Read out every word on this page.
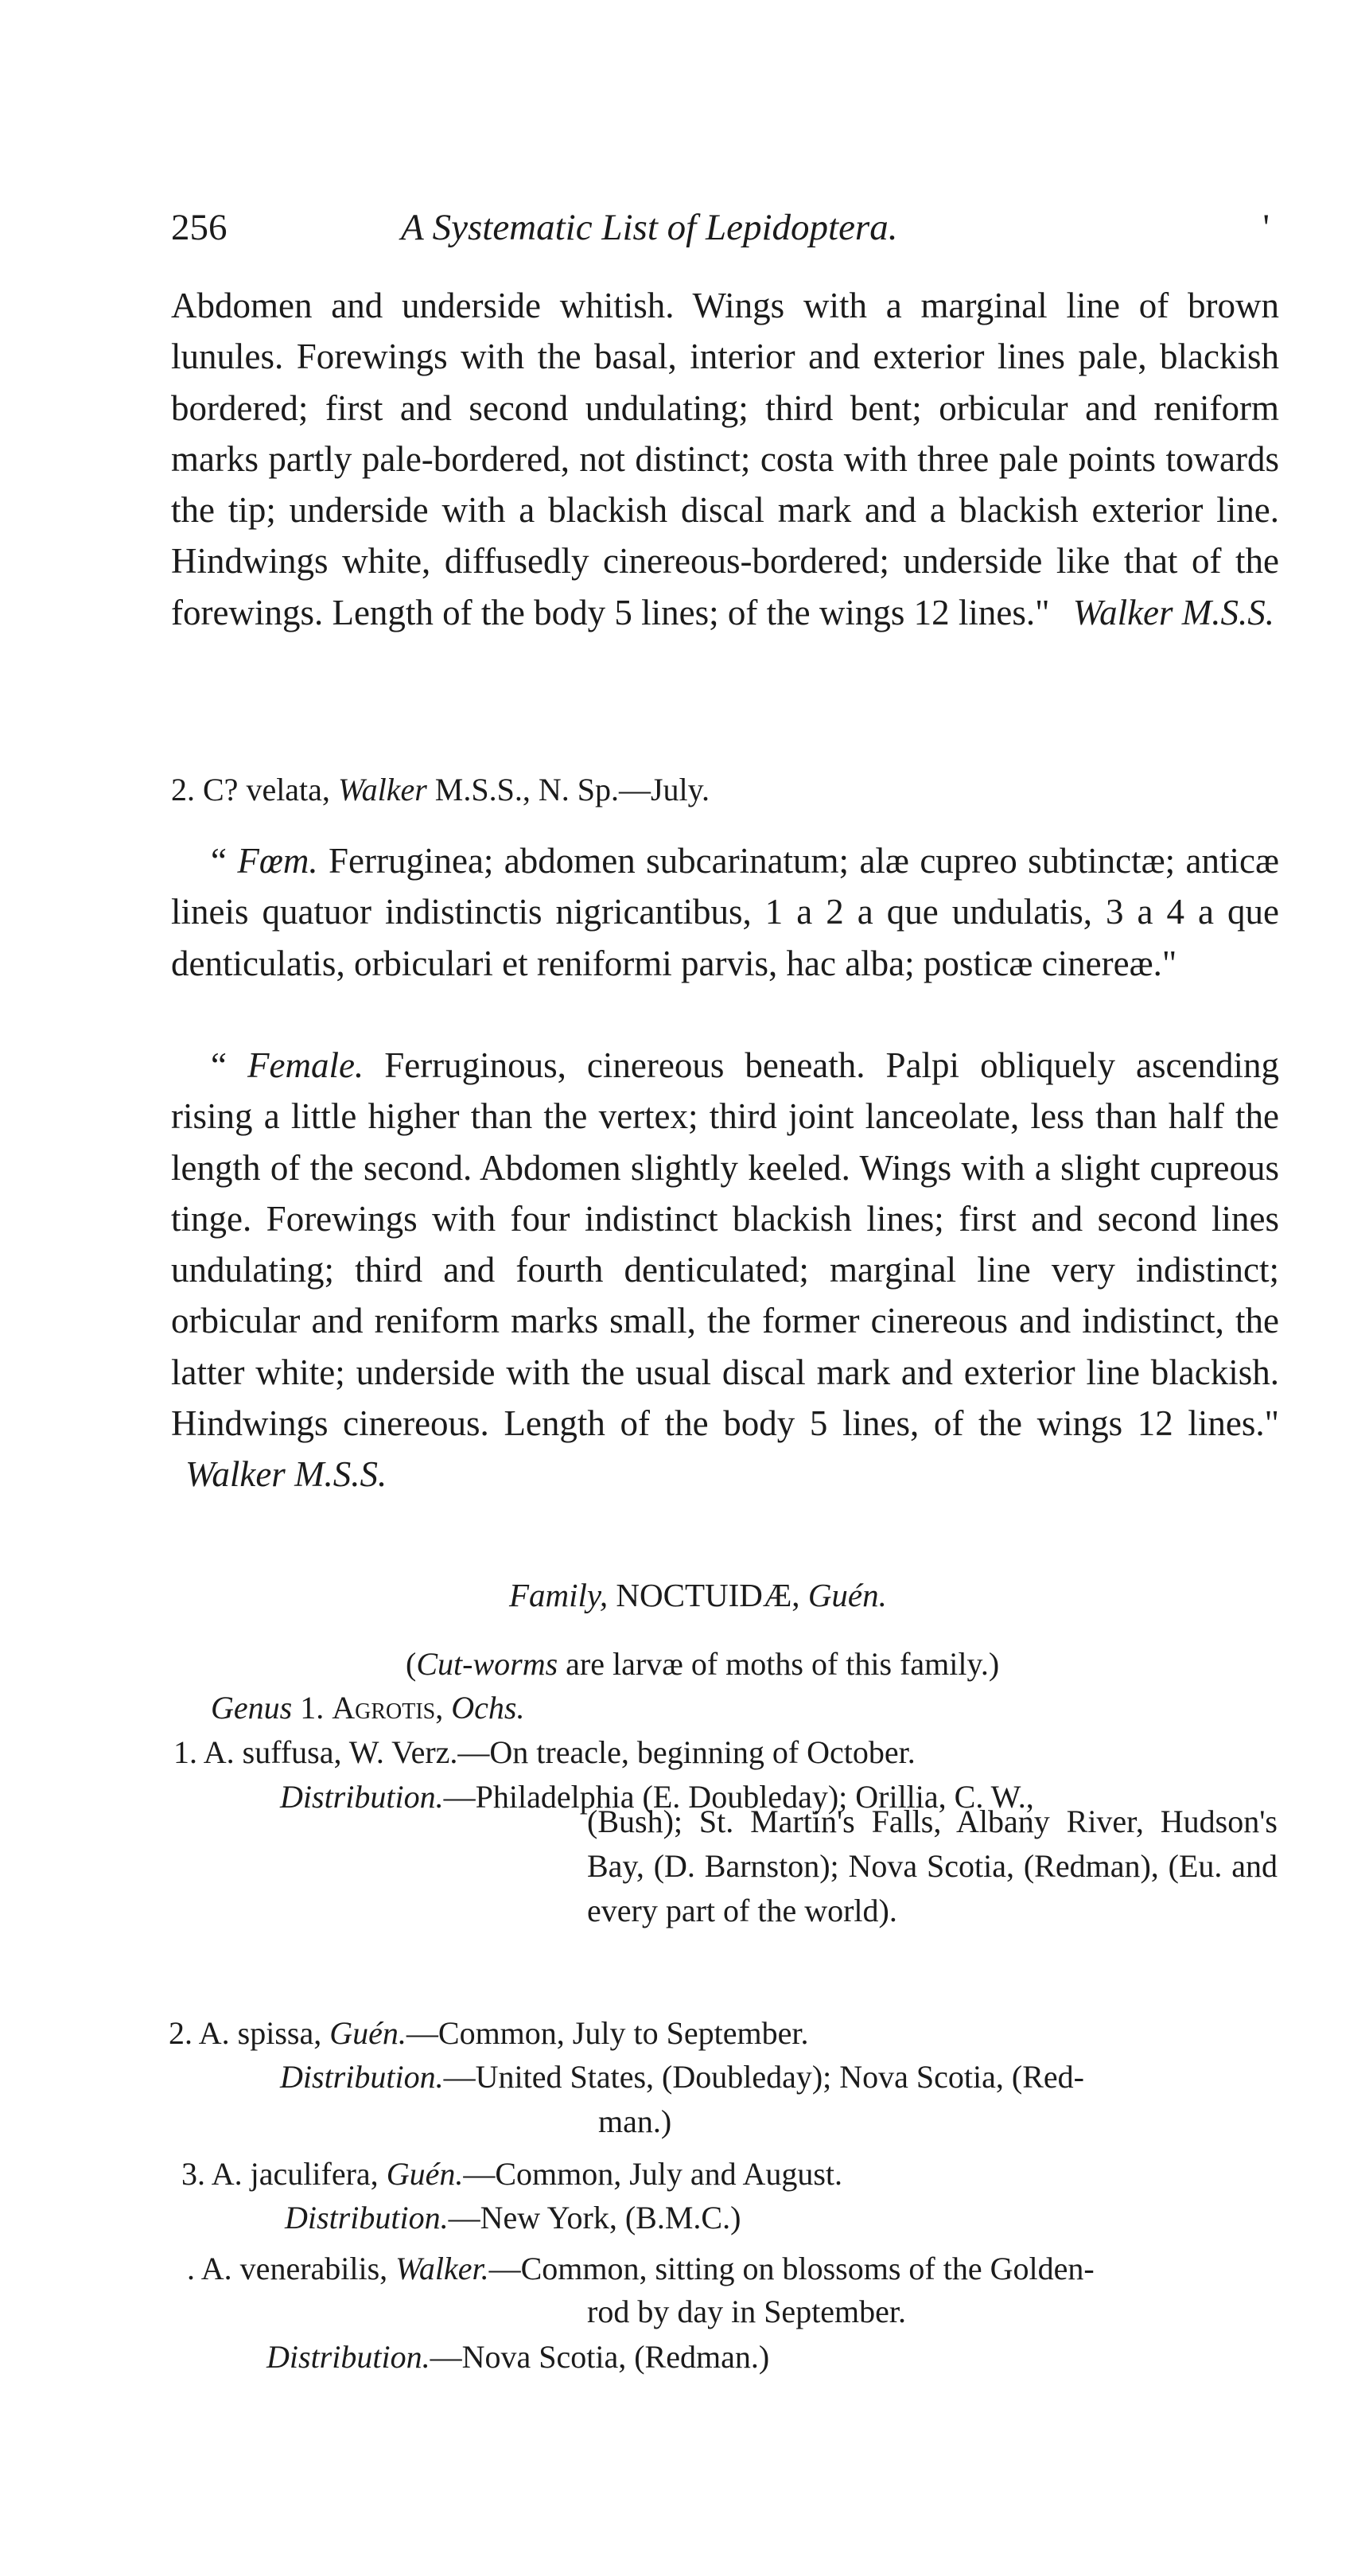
256	A Systematic List of Lepidoptera.	'

Abdomen and underside whitish. Wings with a marginal line of brown lunules. Forewings with the basal, interior and exterior lines pale, blackish bordered; first and second undulating; third bent; orbicular and reniform marks partly pale-bordered, not distinct; costa with three pale points towards the tip; underside with a blackish discal mark and a blackish exterior line. Hindwings white, diffusedly cinereous-bordered; underside like that of the forewings. Length of the body 5 lines; of the wings 12 lines." Walker M.S.S.

2. C? velata, Walker M.S.S., N. Sp.—July.

“ Fœm. Ferruginea; abdomen subcarinatum; alæ cupreo subtinctæ; anticæ lineis quatuor indistinctis nigricantibus, 1 a 2 a que undulatis, 3 a 4 a que denticulatis, orbiculari et reniformi parvis, hac alba; posticæ cinereæ."

“ Female. Ferruginous, cinereous beneath. Palpi obliquely ascending rising a little higher than the vertex; third joint lanceolate, less than half the length of the second. Abdomen slightly keeled. Wings with a slight cupreous tinge. Forewings with four indistinct blackish lines; first and second lines undulating; third and fourth denticulated; marginal line very indistinct; orbicular and reniform marks small, the former cinereous and indistinct, the latter white; underside with the usual discal mark and exterior line blackish. Hindwings cinereous. Length of the body 5 lines, of the wings 12 lines." Walker M.S.S.

Family, NOCTUIDÆ, Guén.
(Cut-worms are larvæ of moths of this family.)
Genus 1. Agrotis, Ochs.
1. A. suffusa, W. Verz.—On treacle, beginning of October.
Distribution.—Philadelphia (E. Doubleday); Orillia, C. W.,

(Bush); St. Martin's Falls, Albany River, Hudson's Bay, (D. Barnston); Nova Scotia, (Redman), (Eu. and every part of the world).

2. A. spissa, Guén.—Common, July to September.
Distribution.—United States, (Doubleday); Nova Scotia, (Red-
man.)
3. A. jaculifera, Guén.—Common, July and August.
Distribution.—New York, (B.M.C.)
. A. venerabilis, Walker.—Common, sitting on blossoms of the Golden-
rod by day in September.
Distribution.—Nova Scotia, (Redman.)
